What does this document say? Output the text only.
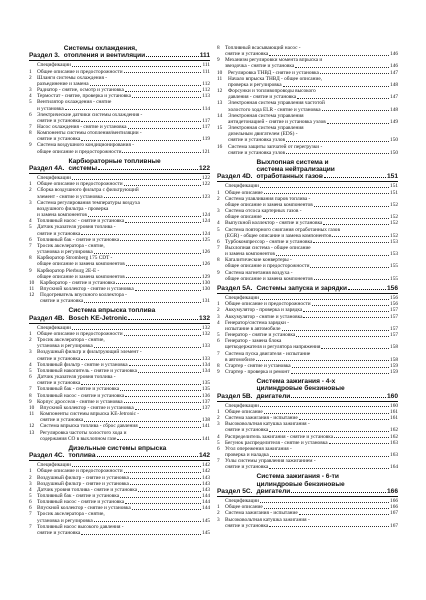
Раздел 3.
Системы охлаждения,
отопления и вентиляции	111
Спецификации	111
1	Общее описание и предосторожности	111
2	Шланги системы охлаждения -
разъединение и замена	112
3	Радиатор - снятие, осмотр и установка	112
4	Термостат - снятие, проверка и установка	113
5	Вентилятор охлаждения - снятие
и установка	114
6	Электрические датчики системы охлаждения -
снятие и установка	117
7	Насос охлаждения - снятие и установка	117
8	Компоненты системы отопления/вентиляции -
снятие и установка	119
9	Система воздушного кондиционирования -
общее описание и предосторожности	121
Раздел 4А.
Карбюраторные топливные
системы	122
Спецификации	122
1	Общее описание и предосторожности	122
2	Сборка воздушного фильтра с фильтрующий
элемент - снятие и установка	123
3	Система регулирования температуры воздуха
воздушного фильтра - проверка
и замена компонентов	124
4	Топливный насос - снятие и установка	124
5	Датчик указателя уровня топлива -
снятие и установка	124
6	Топливный бак - снятие и установка	125
7	Тросик акселератора - снятие,
установка и регулировка	126
8	Карбюратор Stromberg 175 CDT -
общее описание и замена компонентов	126
9	Карбюратор Pierburg 2E-E -
общее описание и замена компонентов	129
10	Карбюратор - снятие и установка	130
11	Впускной коллектор - снятие и установка	130
12	Подогреватель впускного коллектора -
снятие и установка	131
Раздел 4В.
Система впрыска топлива
Bosch KE-Jetronic	132
Спецификации	132
1	Общее описание и предосторожности	132
2	Тросик акселератора - снятие,
установка и регулировка	133
3	Воздушный фильтр и фильтрующий элемент -
снятие и установка	133
4	Топливный фильтр - снятие и установка	134
5	Топливный накопитель - снятие и установка	134
6	Датчик указателя уровня топлива -
снятие и установка	135
7	Топливный бак - снятие и установка	135
8	Топливный насос - снятие и установка	136
9	Корпус дросселя - снятие и установка	137
10	Впускной коллектор - снятие и установка	137
11	Компоненты системы впрыска KE-Jetronic -
снятие и установка	138
12	Система впрыска топлива - сброс давления	141
13	Регулировка частоты холостого хода и
содержания СО в выхлопном газе	141
Раздел 4С.
Дизельные системы впрыска
топлива	142
Спецификации	142
1	Общее описание и предосторожности	142
2	Воздушный фильтр - снятие и установка	143
3	Воздушный фильтр - снятие и установка	143
4	Датчик уровня топлива - снятие и установка	143
5	Топливный бак - снятие и установка	144
6	Топливный насос - снятие и установка	144
6	Впускной коллектор - снятие и установка	144
7	Тросик акселератора - снятие,
установка и регулировка	145
7	Топливный насос высокого давления -
снятие и установка	145
8	Топливный всасывающий насос -
снятие и установка	146
9	Механизм регулировки момента впрыска и
звездочка - снятие и установка	146
10	Регулировка ТНВД - снятие и установка	147
11	Начало впрыска ТНВД - общее описание,
проверка и регулировка	148
12	Форсунки и топливопроводы высокого
давления - снятие и установка	147
13	Электронная система управления частотой
холостого хода ELR - снятие и установка	148
14	Электронная система управления
антидетонацией - снятие и установка узлов	149
15	Электронная система управления
дизельным двигателем (EDS) -
снятие и установка узлов	150
16	Система защиты запчатей от перегрузки -
снятие и установка узлов	150
Раздел 4D.
Выхлопная система и
система нейтрализации
отработанных газов	151
Спецификации	151
1	Общее описание	151
2	Система улавливания паров топлива -
общее описание и замена компонентов	152
3	Система отсоса картерных газов -
общее описание	152
4	Выпускной коллектор - снятие и установка	152
5	Система повторного сжигания отработанных газов
(EGR) - общее описание и замена компонентов	152
6	Турбокомпрессор - снятие и установка	153
7	Выхлопная система - общее описание
и замена компонентов	153
8	Каталитические конвертеры -
общее описание и предосторожности	155
9	Система нагнетания воздуха -
общее описание и замена компонентов	155
Раздел 5А. Системы запуска и зарядки	156
Спецификации	156
1	Общее описание и предосторожности	156
2	Аккумулятор - проверка и зарядка	157
3	Аккумулятор - снятие и установка	157
4	Генератор/система зарядки -
испытание в автомобиле	157
5	Генератор - снятие и установка	157
6	Генератор - замена блока
щеткодержателя и регулятора напряжения	158
7	Система пуска двигателя - испытание
в автомобиле	158
8	Стартер - снятие и установка	159
9	Стартер - проверка и ремонт	159
Раздел 5В.
Система зажигания - 4-х
цилиндровые бензиновые
двигатели	160
Спецификации	160
1	Общее описание	161
2	Система зажигания - испытание	161
3	Высоковольтная катушка зажигания -
снятие и установка	162
4	Распределитель зажигания - снятие и установка	162
5	Бегунок распределителя - снятие и установка	163
6	Угол опережения зажигания -
проверка и наладка	163
7	Узлы системы управления зажиганием -
снятие и установка	164
Раздел 5С.
Система зажигания - 6-ти
цилиндровые бензиновые
двигатели	166
Спецификации	166
1	Общее описание	166
2	Система зажигания - испытание	167
3	Высоковольтная катушка зажигания -
снятие и установка	167
